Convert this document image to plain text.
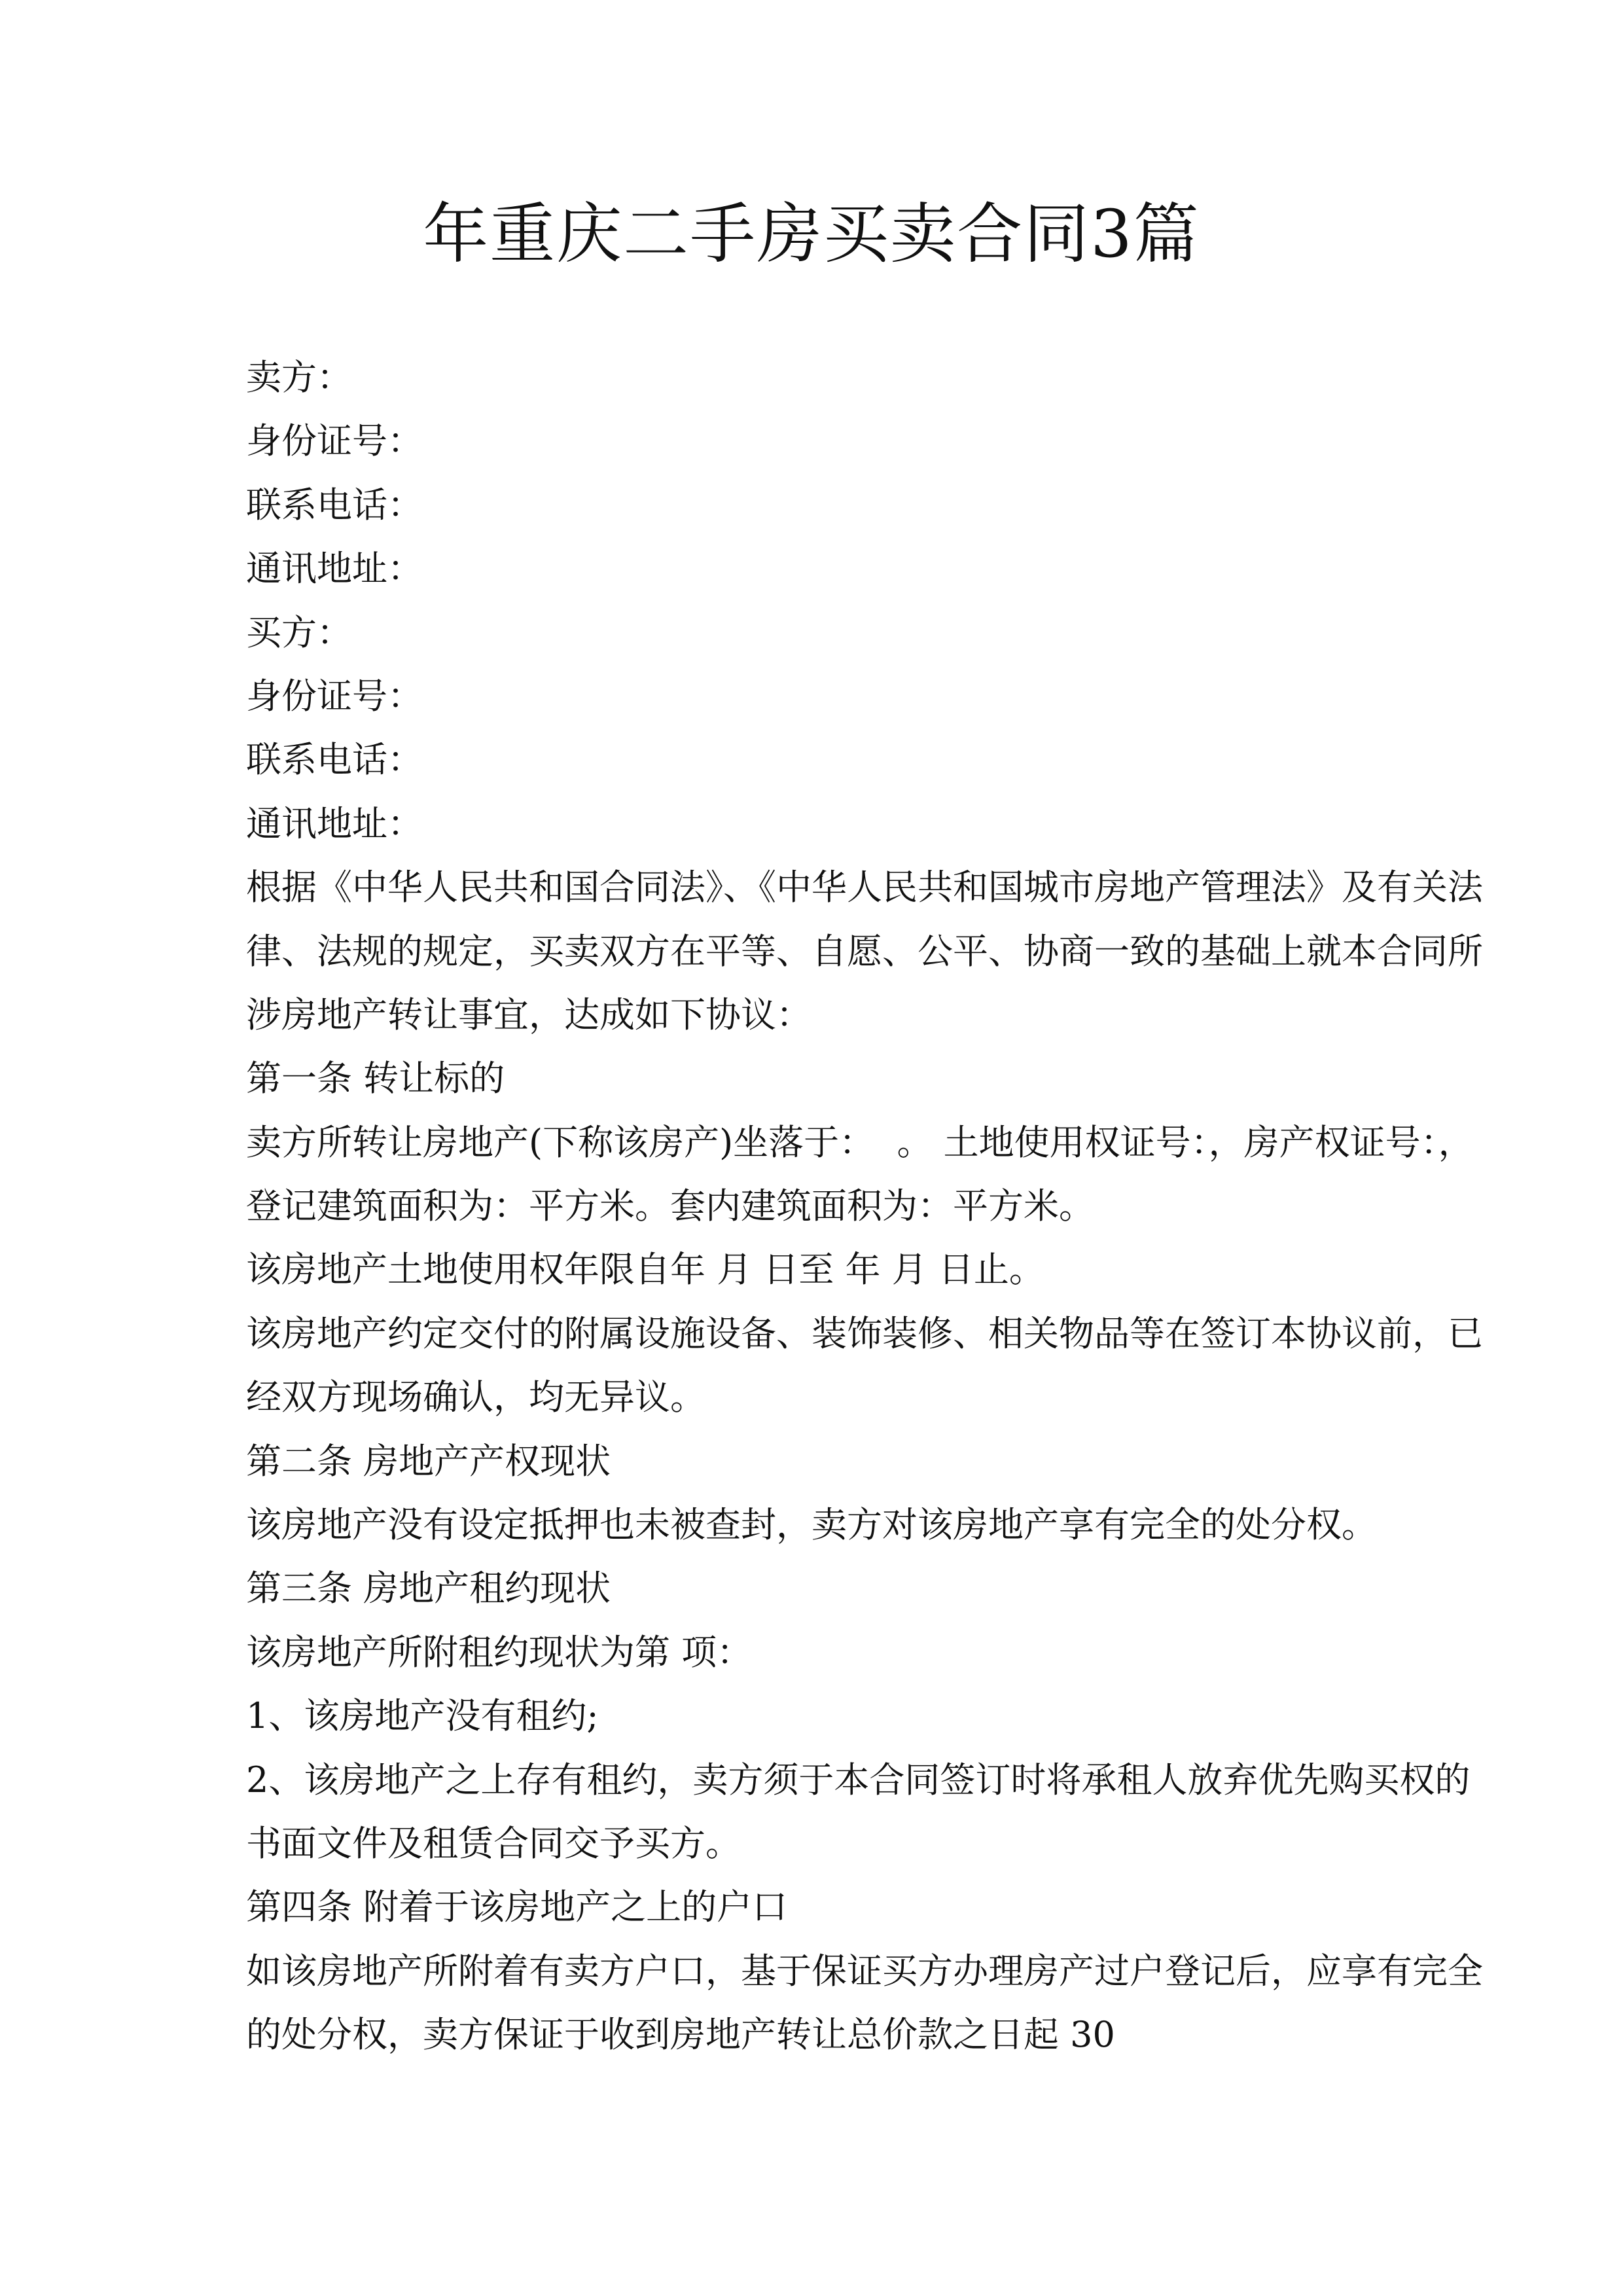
年重庆二手房买卖合同3篇
卖方：
身份证号：
联系电话：
通讯地址：
买方：
身份证号：
联系电话：
通讯地址：
根据《中华人民共和国合同法》、《中华人民共和国城市房地产管理法》及有关法
律、法规的规定，买卖双方在平等、自愿、公平、协商一致的基础上就本合同所
涉房地产转让事宜，达成如下协议：
第一条 转让标的
卖方所转让房地产(下称该房产)坐落于：  。 土地使用权证号：，房产权证号：，
登记建筑面积为：平方米。套内建筑面积为：平方米。
该房地产土地使用权年限自年 月 日至 年 月 日止。
该房地产约定交付的附属设施设备、装饰装修、相关物品等在签订本协议前，已
经双方现场确认，均无异议。
第二条 房地产产权现状
该房地产没有设定抵押也未被查封，卖方对该房地产享有完全的处分权。
第三条 房地产租约现状
该房地产所附租约现状为第 项：
1、该房地产没有租约;
2、该房地产之上存有租约，卖方须于本合同签订时将承租人放弃优先购买权的
书面文件及租赁合同交予买方。
第四条 附着于该房地产之上的户口
如该房地产所附着有卖方户口，基于保证买方办理房产过户登记后，应享有完全
的处分权，卖方保证于收到房地产转让总价款之日起 30
